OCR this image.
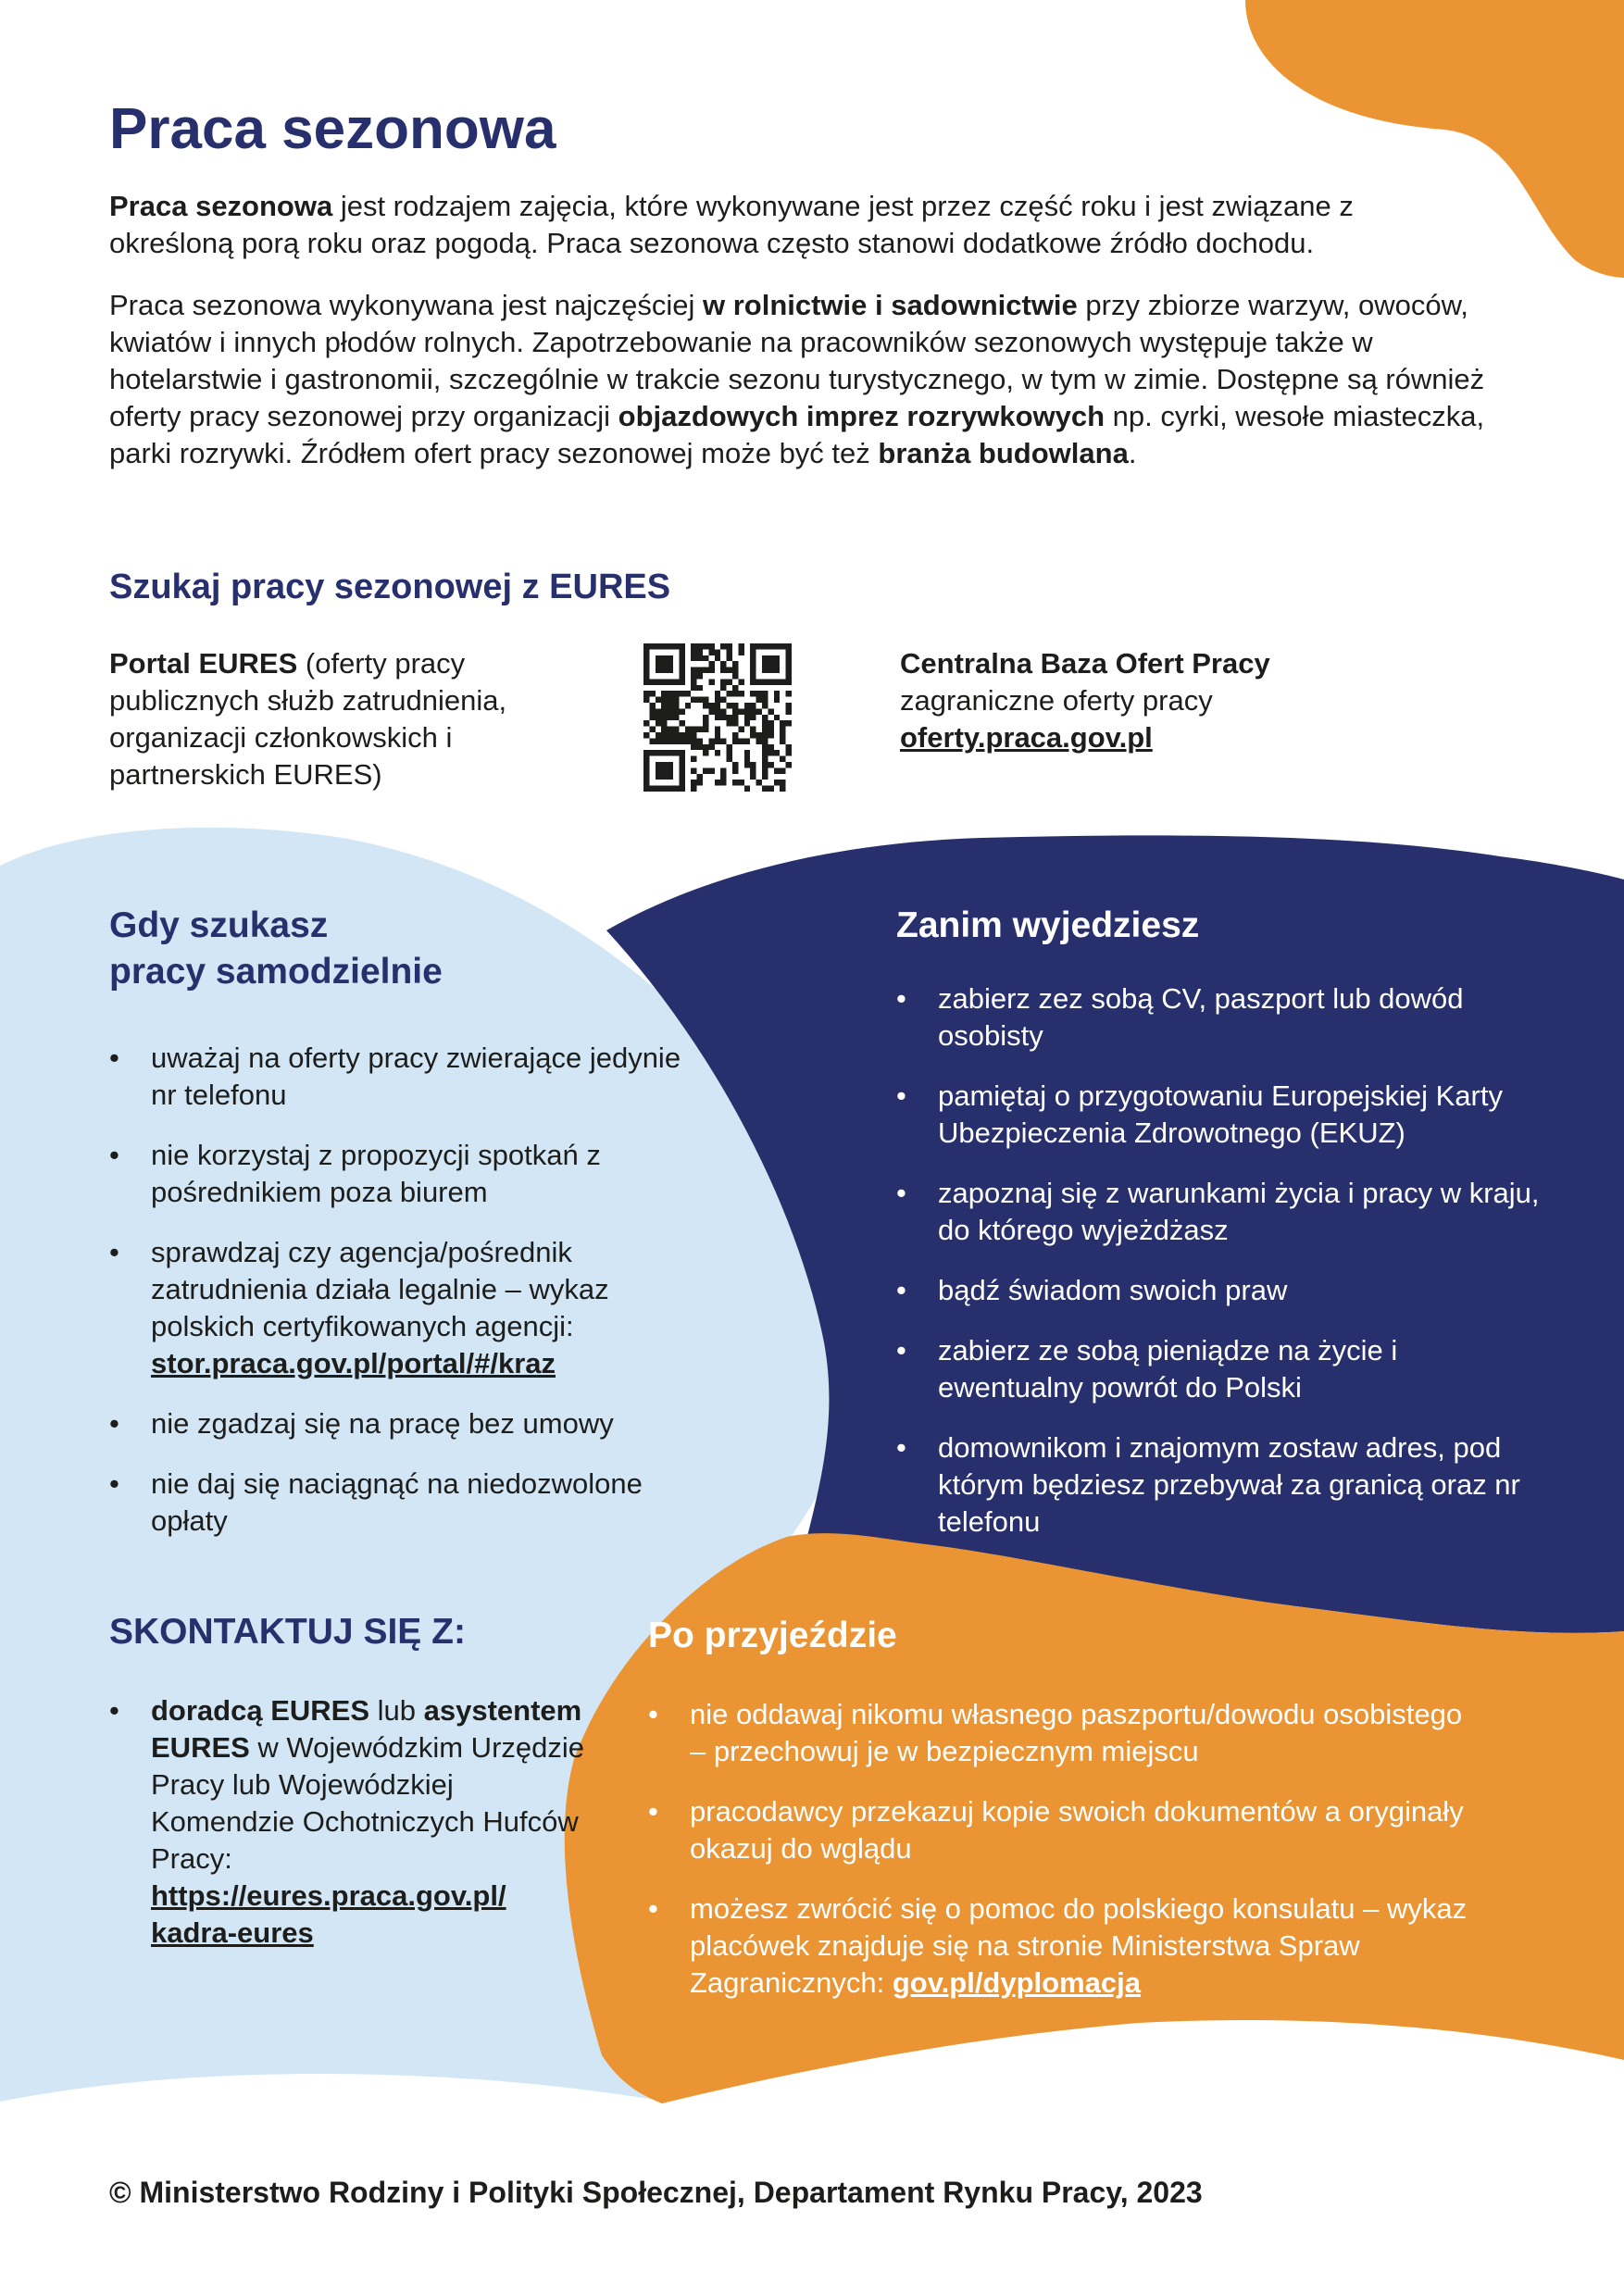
Praca sezonowa

Praca sezonowa jest rodzajem zajęcia, które wykonywane jest przez część roku i jest związane z określoną porą roku oraz pogodą. Praca sezonowa często stanowi dodatkowe źródło dochodu.

Praca sezonowa wykonywana jest najczęściej w rolnictwie i sadownictwie przy zbiorze warzyw, owoców, kwiatów i innych płodów rolnych. Zapotrzebowanie na pracowników sezonowych występuje także w hotelarstwie i gastronomii, szczególnie w trakcie sezonu turystycznego, w tym w zimie. Dostępne są również oferty pracy sezonowej przy organizacji objazdowych imprez rozrywkowych np. cyrki, wesołe miasteczka, parki rozrywki. Źródłem ofert pracy sezonowej może być też branża budowlana.

Szukaj pracy sezonowej z EURES

Portal EURES (oferty pracy publicznych służb zatrudnienia, organizacji członkowskich i partnerskich EURES)

Centralna Baza Ofert Pracy

zagraniczne oferty pracy

oferty.praca.gov.pl

Gdy szukasz
pracy samodzielnie
• uważaj na oferty pracy zwierające jedynie nr telefonu
• nie korzystaj z propozycji spotkań z pośrednikiem poza biurem
• sprawdzaj czy agencja/pośrednik zatrudnienia działa legalnie – wykaz polskich certyfikowanych agencji:
stor.praca.gov.pl/portal/#/kraz
• nie zgadzaj się na pracę bez umowy
• nie daj się naciągnąć na niedozwolone opłaty
Zanim wyjedziesz
• zabierz zez sobą CV, paszport lub dowód osobisty
• pamiętaj o przygotowaniu Europejskiej Karty Ubezpieczenia Zdrowotnego (EKUZ)
• zapoznaj się z warunkami życia i pracy w kraju, do którego wyjeżdżasz
• bądź świadom swoich praw
• zabierz ze sobą pieniądze na życie i ewentualny powrót do Polski
• domownikom i znajomym zostaw adres, pod którym będziesz przebywał za granicą oraz nr telefonu
SKONTAKTUJ SIĘ Z:
• doradcą EURES lub asystentem EURES w Wojewódzkim Urzędzie Pracy lub Wojewódzkiej Komendzie Ochotniczych Hufców Pracy:
https://eures.praca.gov.pl/ kadra-eures
Po przyjeździe
• nie oddawaj nikomu własnego paszportu/dowodu osobistego – przechowuj je w bezpiecznym miejscu
• pracodawcy przekazuj kopie swoich dokumentów a oryginały okazuj do wglądu
• możesz zwrócić się o pomoc do polskiego konsulatu – wykaz placówek znajduje się na stronie Ministerstwa Spraw Zagranicznych: gov.pl/dyplomacja

© Ministerstwo Rodziny i Polityki Społecznej, Departament Rynku Pracy, 2023
